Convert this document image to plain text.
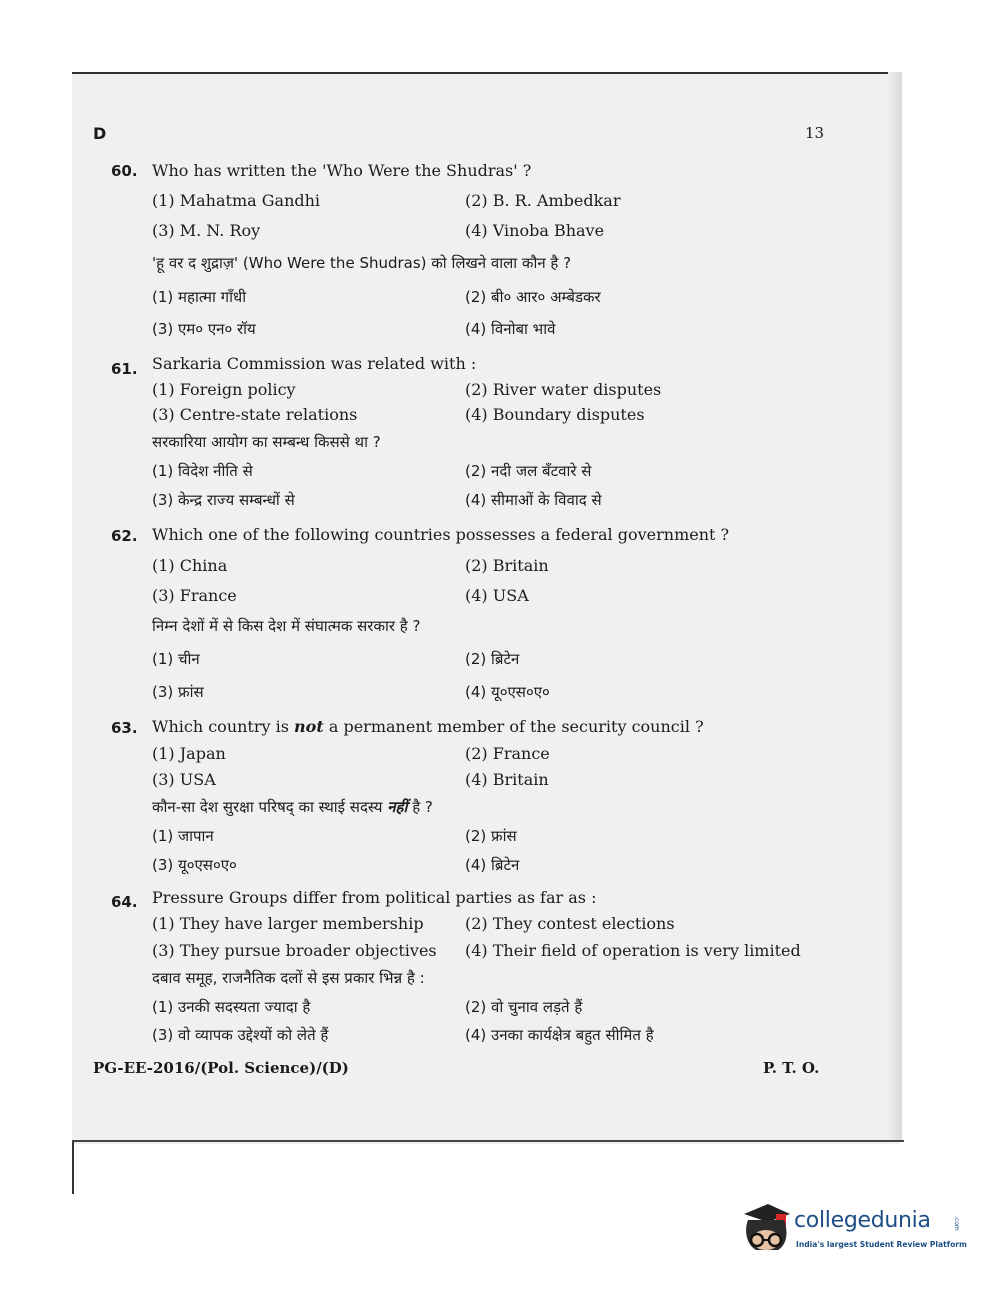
D	13
60. Who has written the 'Who Were the Shudras' ?
(1) Mahatma Gandhi	(2) B. R. Ambedkar
(3) M. N. Roy	(4) Vinoba Bhave
'हू वर द शुद्राज़' (Who Were the Shudras) को लिखने वाला कौन है ?
(1) महात्मा गाँधी	(2) बी० आर० अम्बेडकर
(3) एम० एन० रॉय	(4) विनोबा भावे
61. Sarkaria Commission was related with :
(1) Foreign policy	(2) River water disputes
(3) Centre-state relations	(4) Boundary disputes
सरकारिया आयोग का सम्बन्ध किससे था ?
(1) विदेश नीति से	(2) नदी जल बँटवारे से
(3) केन्द्र राज्य सम्बन्धों से	(4) सीमाओं के विवाद से
62. Which one of the following countries possesses a federal government ?
(1) China	(2) Britain
(3) France	(4) USA
निम्न देशों में से किस देश में संघात्मक सरकार है ?
(1) चीन	(2) ब्रिटेन
(3) फ्रांस	(4) यू०एस०ए०
63. Which country is not a permanent member of the security council ?
(1) Japan	(2) France
(3) USA	(4) Britain
कौन-सा देश सुरक्षा परिषद् का स्थाई सदस्य नहीं है ?
(1) जापान	(2) फ्रांस
(3) यू०एस०ए०	(4) ब्रिटेन
64. Pressure Groups differ from political parties as far as :
(1) They have larger membership	(2) They contest elections
(3) They pursue broader objectives (4) Their field of operation is very limited
दबाव समूह, राजनैतिक दलों से इस प्रकार भिन्न है :
(1) उनकी सदस्यता ज्यादा है	(2) वो चुनाव लड़ते हैं
(3) वो व्यापक उद्देश्यों को लेते हैं	(4) उनका कार्यक्षेत्र बहुत सीमित है
PG-EE-2016/(Pol. Science)/(D)	P. T. O.
collegedunia	.com
India's largest Student Review Platform
